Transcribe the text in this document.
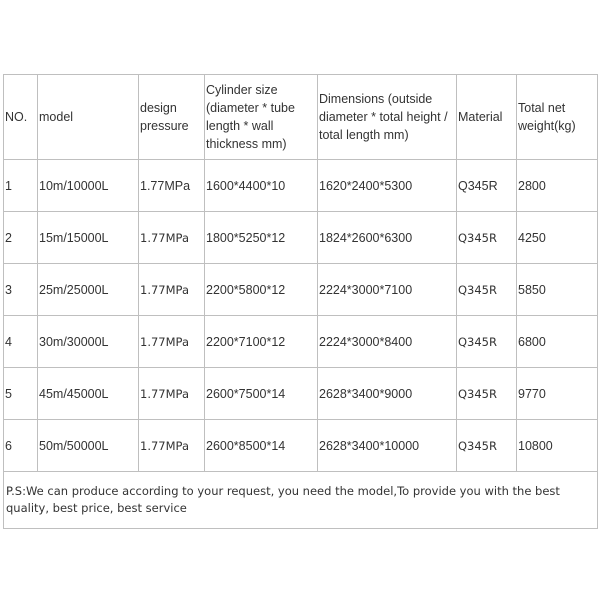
NO.	model	design pressure	Cylinder size (diameter * tube length * wall thickness mm)	Dimensions (outside diameter * total height / total length mm)	Material	Total net weight(kg)
1	10m/10000L	1.77MPa	1600*4400*10	1620*2400*5300	Q345R	2800
2	15m/15000L	1.77MPa	1800*5250*12	1824*2600*6300	Q345R	4250
3	25m/25000L	1.77MPa	2200*5800*12	2224*3000*7100	Q345R	5850
4	30m/30000L	1.77MPa	2200*7100*12	2224*3000*8400	Q345R	6800
5	45m/45000L	1.77MPa	2600*7500*14	2628*3400*9000	Q345R	9770
6	50m/50000L	1.77MPa	2600*8500*14	2628*3400*10000	Q345R	10800
P.S:We can produce according to your request, you need the model,To provide you with the best quality, best price, best service						
